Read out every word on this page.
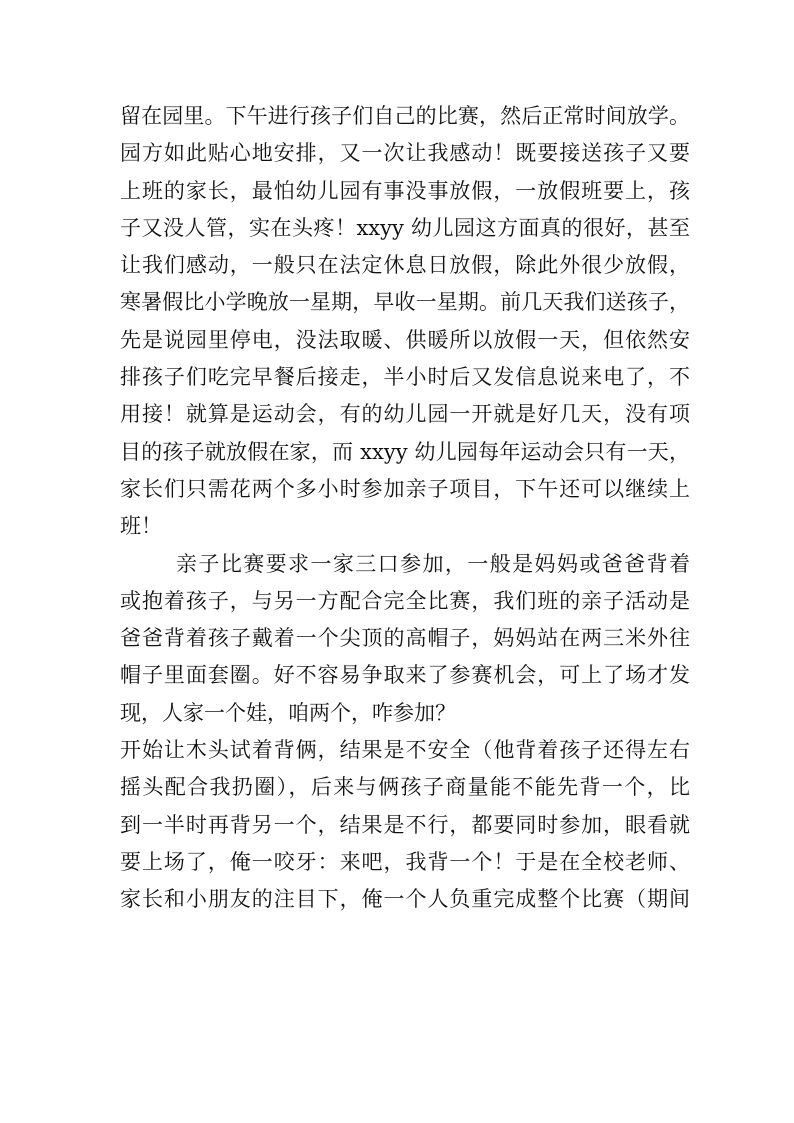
留在园里。下午进行孩子们自己的比赛，然后正常时间放学。
园方如此贴心地安排，又一次让我感动！既要接送孩子又要
上班的家长，最怕幼儿园有事没事放假，一放假班要上，孩
子又没人管，实在头疼！xxyy 幼儿园这方面真的很好，甚至
让我们感动，一般只在法定休息日放假，除此外很少放假，
寒暑假比小学晚放一星期，早收一星期。前几天我们送孩子，
先是说园里停电，没法取暖、供暖所以放假一天，但依然安
排孩子们吃完早餐后接走，半小时后又发信息说来电了，不
用接！就算是运动会，有的幼儿园一开就是好几天，没有项
目的孩子就放假在家，而 xxyy 幼儿园每年运动会只有一天，
家长们只需花两个多小时参加亲子项目，下午还可以继续上
班！
亲子比赛要求一家三口参加，一般是妈妈或爸爸背着
或抱着孩子，与另一方配合完全比赛，我们班的亲子活动是
爸爸背着孩子戴着一个尖顶的高帽子，妈妈站在两三米外往
帽子里面套圈。好不容易争取来了参赛机会，可上了场才发
现，人家一个娃，咱两个，咋参加？
开始让木头试着背俩，结果是不安全（他背着孩子还得左右
摇头配合我扔圈），后来与俩孩子商量能不能先背一个，比
到一半时再背另一个，结果是不行，都要同时参加，眼看就
要上场了，俺一咬牙：来吧，我背一个！于是在全校老师、
家长和小朋友的注目下，俺一个人负重完成整个比赛（期间
